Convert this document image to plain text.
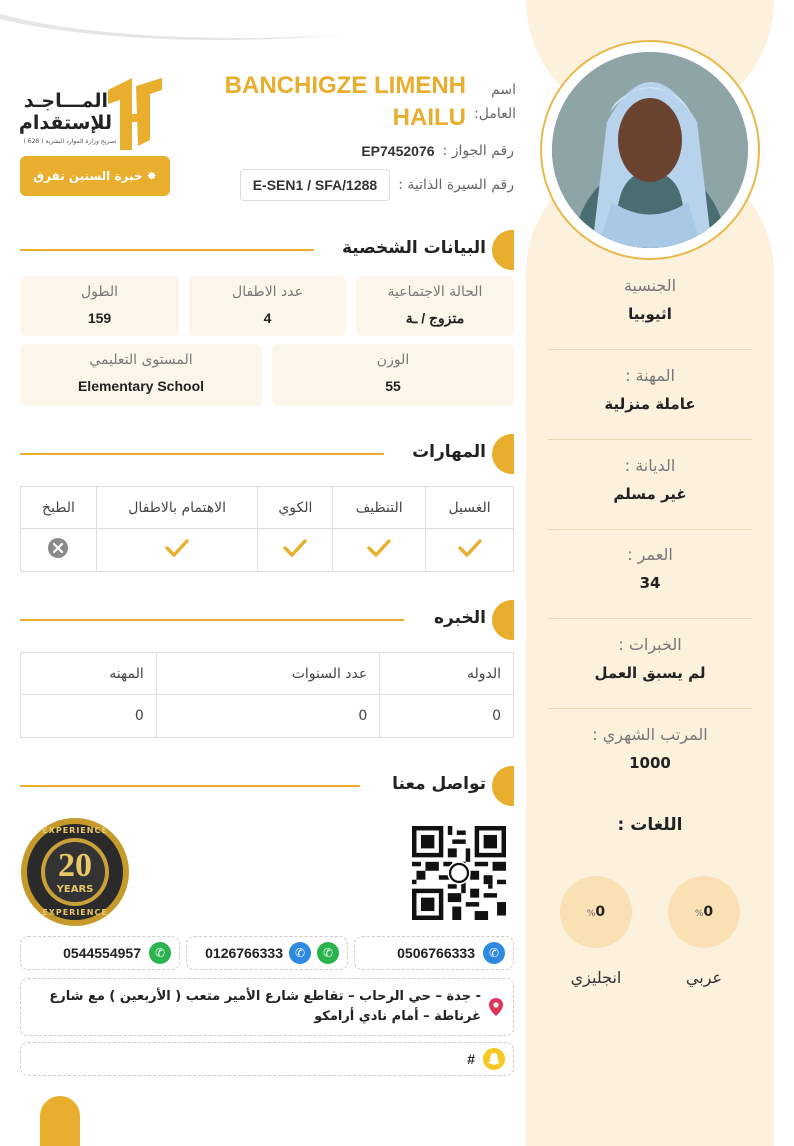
الجنسية
اثيوبيا
المهنة :
عاملة منزلية
الديانة :
غير مسلم
العمر :
34
الخبرات :
لم يسبق العمل
المرتب الشهري :
1000
اللغات :
%0
%0
عربي
انجليزي
BANCHIGZE LIMENH HAILU
اسم العامل:
رقم الجواز :
EP7452076
رقم السيرة الذاتية :
E-SEN1 / SFA/1288
المـــاجـد للإستقدام
تصريح وزارة الموارد البشرية ( 628 )
✸
خبرة السنين تفرق
البيانات الشخصية
الحالة الاجتماعية
متزوج / ـة
عدد الاطفال
4
الطول
159
الوزن
55
المستوى التعليمي
Elementary School
المهارات
الطبخ	الاهتمام بالاطفال	الكوي	التنظيف	الغسيل

الخبره
المهنه	عدد السنوات	الدوله
0	0	0
تواصل معنا
EXPERIENCE
20
YEARS
EXPERIENCE
✆
0506766333
✆
✆
0126766333
✆
0544554957
- جدة – حي الرحاب – تقاطع شارع الأمير متعب ( الأربعين ) مع شارع غرناطة – أمام نادي أرامكو
#
